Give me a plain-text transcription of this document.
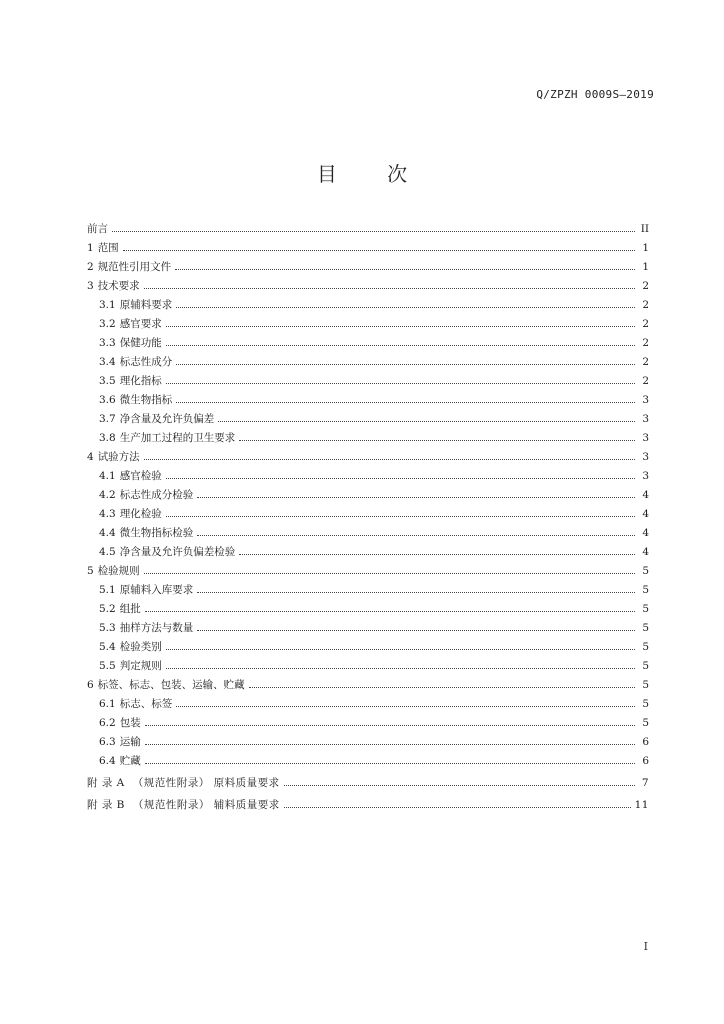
Q/ZPZH 0009S—2019
目 次
前言	II
1 范围	1
2 规范性引用文件	1
3 技术要求	2
3.1 原辅料要求	2
3.2 感官要求	2
3.3 保健功能	2
3.4 标志性成分	2
3.5 理化指标	2
3.6 微生物指标	3
3.7 净含量及允许负偏差	3
3.8 生产加工过程的卫生要求	3
4 试验方法	3
4.1 感官检验	3
4.2 标志性成分检验	4
4.3 理化检验	4
4.4 微生物指标检验	4
4.5 净含量及允许负偏差检验	4
5 检验规则	5
5.1 原辅料入库要求	5
5.2 组批	5
5.3 抽样方法与数量	5
5.4 检验类别	5
5.5 判定规则	5
6 标签、标志、包装、运输、贮藏	5
6.1 标志、标签	5
6.2 包装	5
6.3 运输	6
6.4 贮藏	6
附 录 A （规范性附录） 原料质量要求	7
附 录 B （规范性附录） 辅料质量要求	11
I
